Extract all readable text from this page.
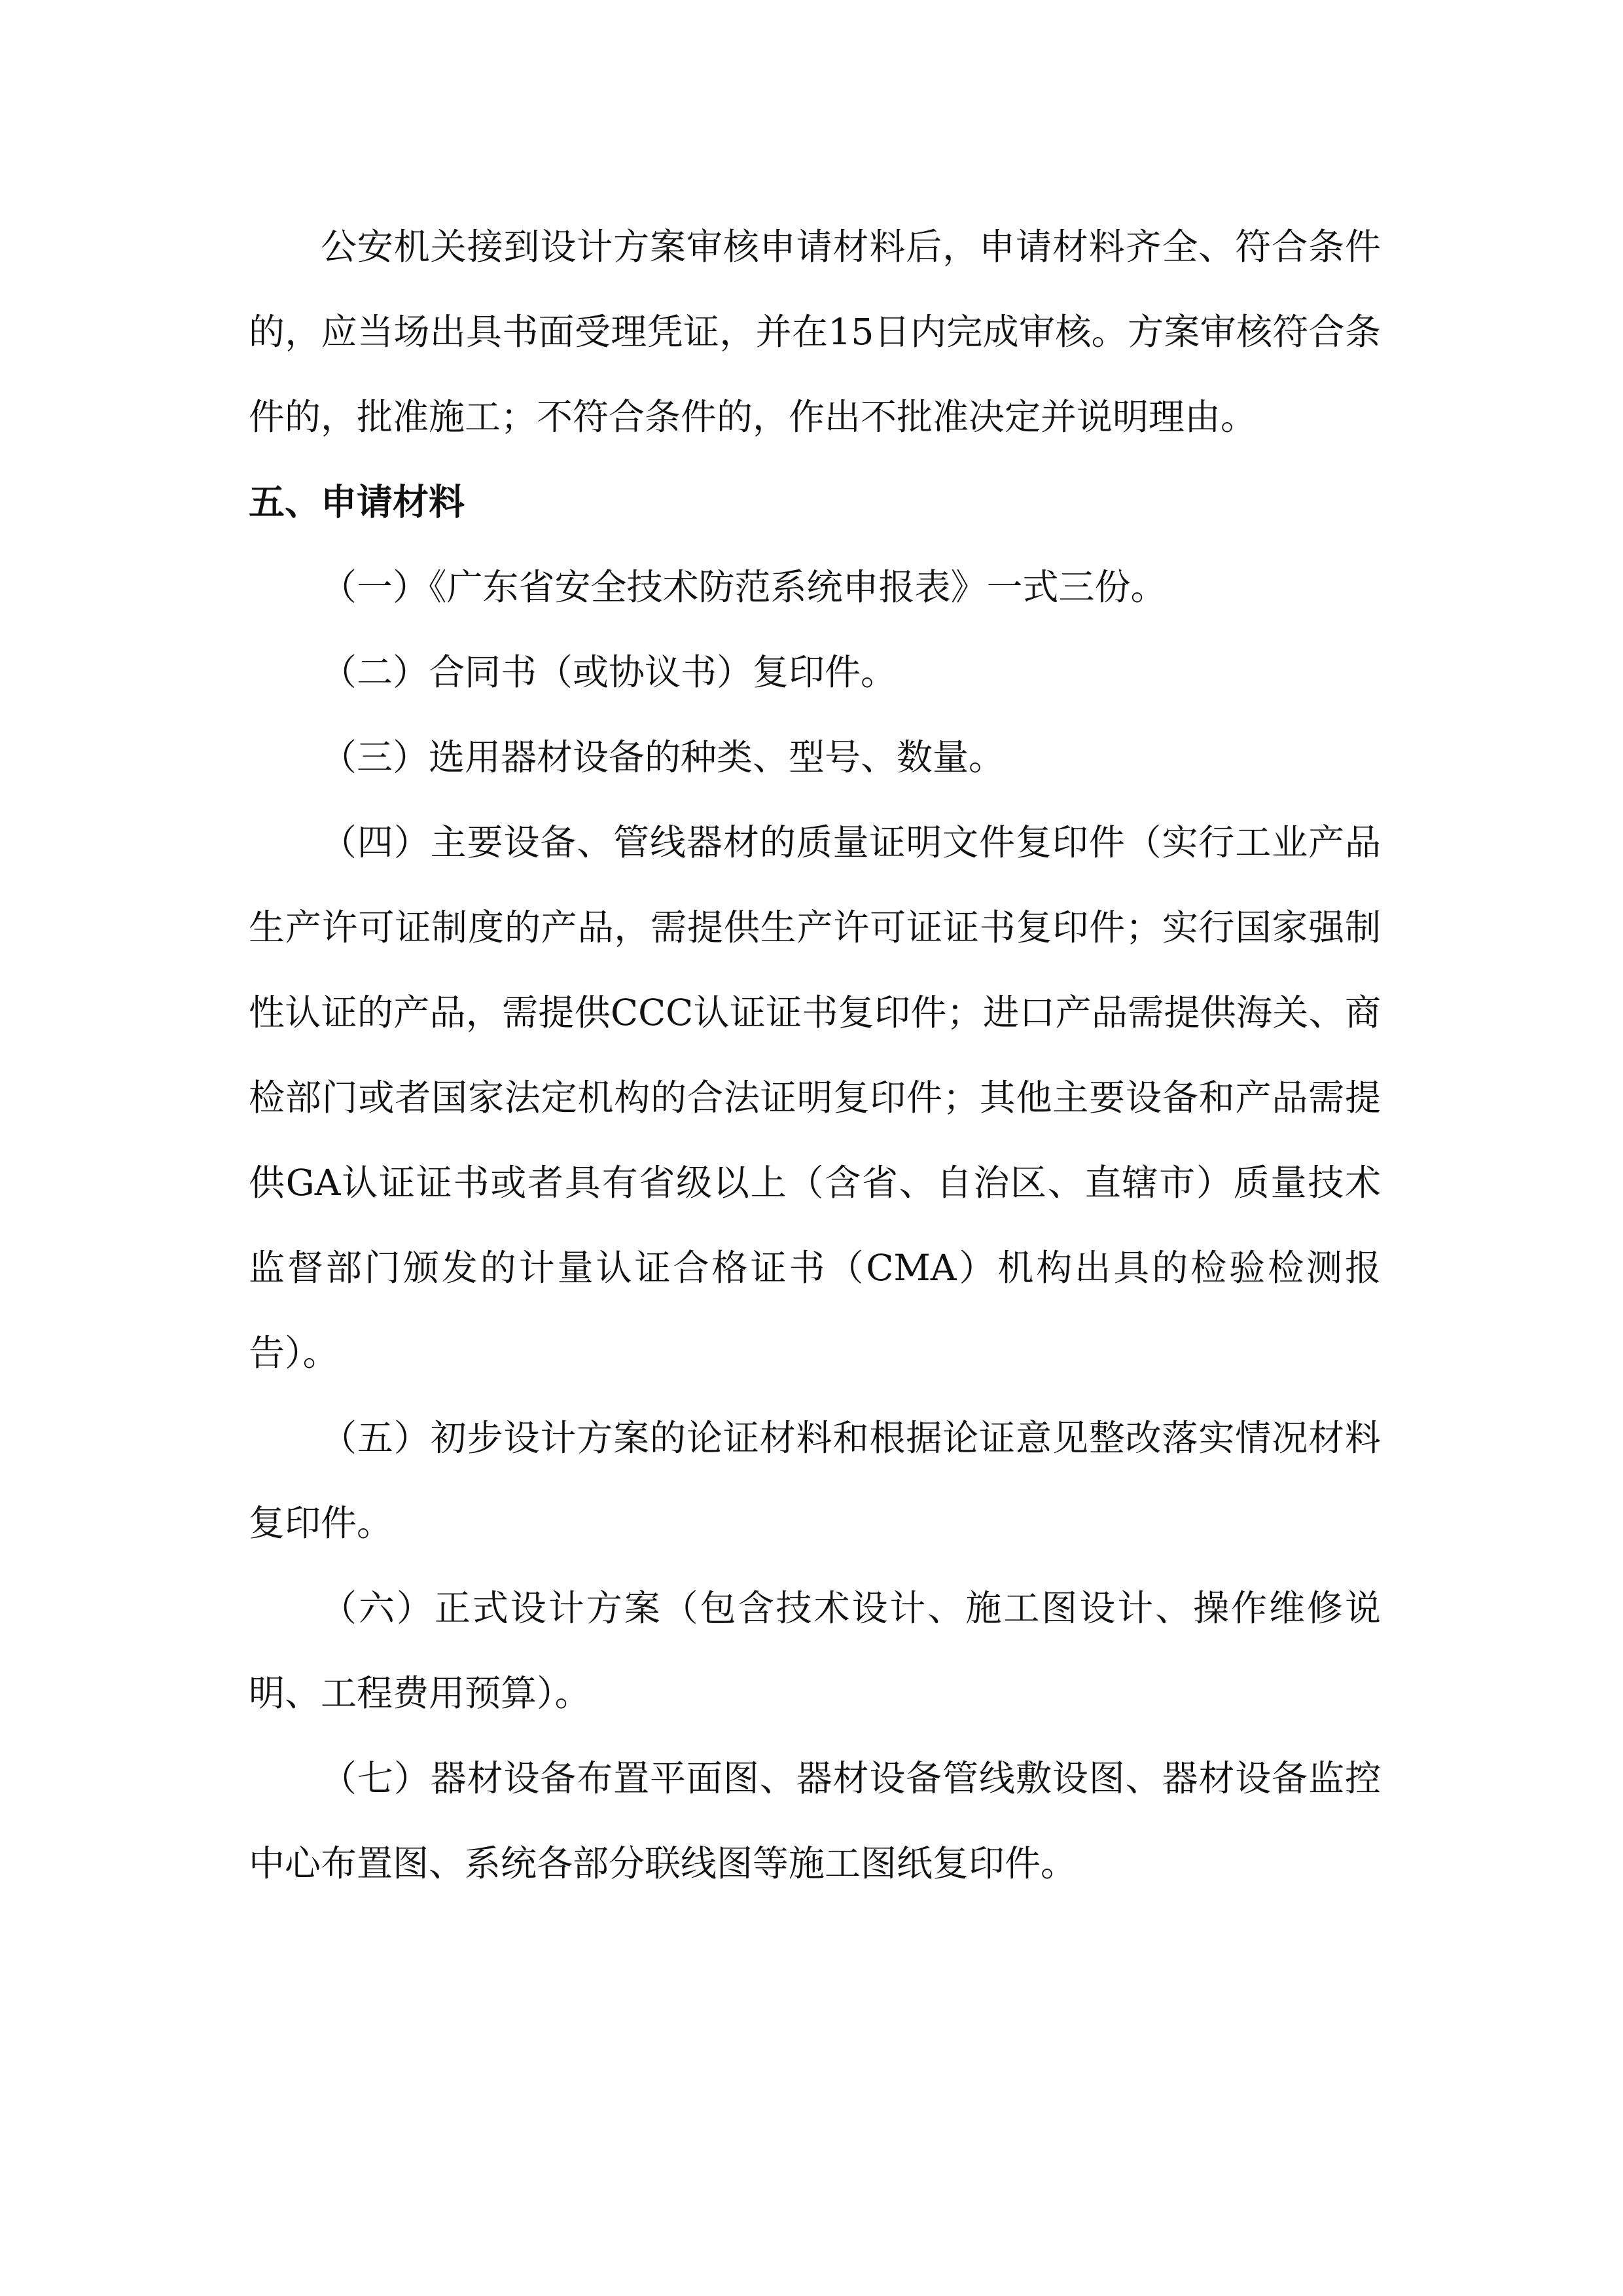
公安机关接到设计方案审核申请材料后，申请材料齐全、符合条件的，应当场出具书面受理凭证，并在15日内完成审核。方案审核符合条件的，批准施工；不符合条件的，作出不批准决定并说明理由。

五、申请材料

（一）《广东省安全技术防范系统申报表》一式三份。

（二）合同书（或协议书）复印件。

（三）选用器材设备的种类、型号、数量。

（四）主要设备、管线器材的质量证明文件复印件（实行工业产品生产许可证制度的产品，需提供生产许可证证书复印件；实行国家强制性认证的产品，需提供CCC认证证书复印件；进口产品需提供海关、商检部门或者国家法定机构的合法证明复印件；其他主要设备和产品需提供GA认证证书或者具有省级以上（含省、自治区、直辖市）质量技术监督部门颁发的计量认证合格证书（CMA）机构出具的检验检测报告）。

（五）初步设计方案的论证材料和根据论证意见整改落实情况材料复印件。

（六）正式设计方案（包含技术设计、施工图设计、操作维修说明、工程费用预算）。

（七）器材设备布置平面图、器材设备管线敷设图、器材设备监控中心布置图、系统各部分联线图等施工图纸复印件。
